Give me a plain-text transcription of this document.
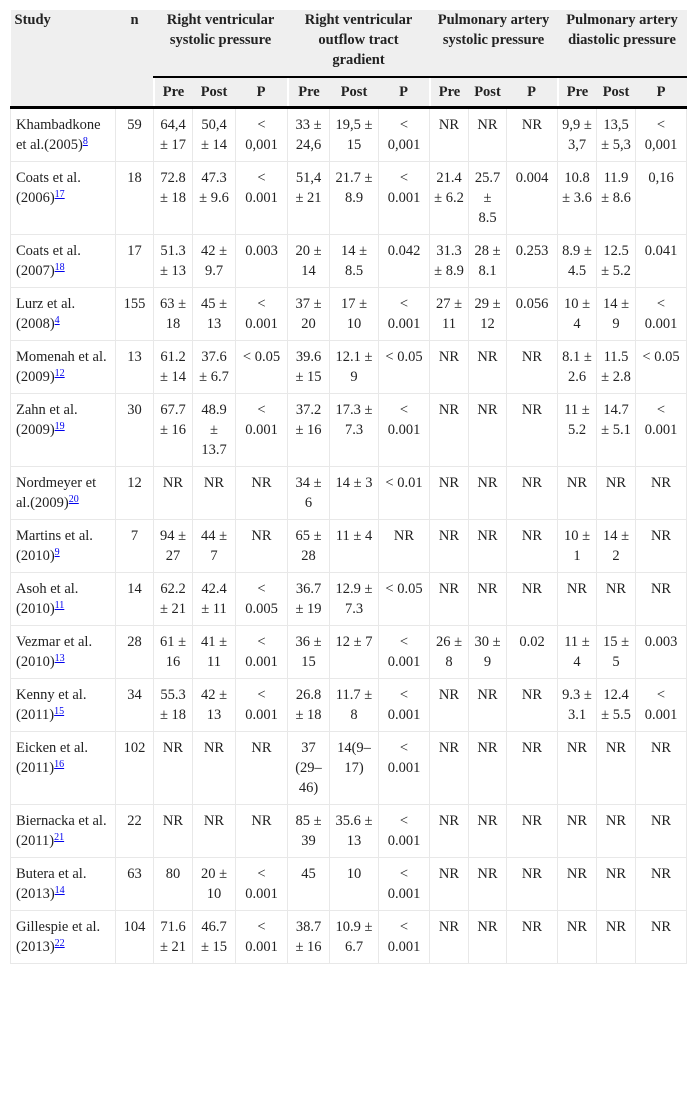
Study	n	Right ventricular systolic pressure			Right ventricular outflow tract gradient			Pulmonary artery systolic pressure			Pulmonary artery diastolic pressure		
		Pre	Post	P	Pre	Post	P	Pre	Post	P	Pre	Post	P
Khambadkone et al.(2005)$^8$	59	64,4 ± 17	50,4 ± 14	< 0,001	33 ± 24,6	19,5 ± 15	< 0,001	NR	NR	NR	9,9 ± 3,7	13,5 ± 5,3	< 0,001
Coats et al. (2006)$^{17}$	18	72.8 ± 18	47.3 ± 9.6	< 0.001	51,4 ± 21	21.7 ± 8.9	< 0.001	21.4 ± 6.2	25.7 ± 8.5	0.004	10.8 ± 3.6	11.9 ± 8.6	0,16
Coats et al. (2007)$^{18}$	17	51.3 ± 13	42 ± 9.7	0.003	20 ± 14	14 ± 8.5	0.042	31.3 ± 8.9	28 ± 8.1	0.253	8.9 ± 4.5	12.5 ± 5.2	0.041
Lurz et al. (2008)$^4$	155	63 ± 18	45 ± 13	< 0.001	37 ± 20	17 ± 10	< 0.001	27 ± 11	29 ± 12	0.056	10 ± 4	14 ± 9	< 0.001
Momenah et al.(2009)$^{12}$	13	61.2 ± 14	37.6 ± 6.7	< 0.05	39.6 ± 15	12.1 ± 9	< 0.05	NR	NR	NR	8.1 ± 2.6	11.5 ± 2.8	< 0.05
Zahn et al. (2009)$^{19}$	30	67.7 ± 16	48.9 ± 13.7	< 0.001	37.2 ± 16	17.3 ± 7.3	< 0.001	NR	NR	NR	11 ± 5.2	14.7 ± 5.1	< 0.001
Nordmeyer et al.(2009)$^{20}$	12	NR	NR	NR	34 ± 6	14 ± 3	< 0.01	NR	NR	NR	NR	NR	NR
Martins et al. (2010)$^9$	7	94 ± 27	44 ± 7	NR	65 ± 28	11 ± 4	NR	NR	NR	NR	10 ± 1	14 ± 2	NR
Asoh et al. (2010)$^{11}$	14	62.2 ± 21	42.4 ± 11	< 0.005	36.7 ± 19	12.9 ± 7.3	< 0.05	NR	NR	NR	NR	NR	NR
Vezmar et al. (2010)$^{13}$	28	61 ± 16	41 ± 11	< 0.001	36 ± 15	12 ± 7	< 0.001	26 ± 8	30 ± 9	0.02	11 ± 4	15 ± 5	0.003
Kenny et al. (2011)$^{15}$	34	55.3 ± 18	42 ± 13	< 0.001	26.8 ± 18	11.7 ± 8	< 0.001	NR	NR	NR	9.3 ± 3.1	12.4 ± 5.5	< 0.001
Eicken et al. (2011)$^{16}$	102	NR	NR	NR	37 (29–46)	14(9–17)	< 0.001	NR	NR	NR	NR	NR	NR
Biernacka et al.(2011)$^{21}$	22	NR	NR	NR	85 ± 39	35.6 ± 13	< 0.001	NR	NR	NR	NR	NR	NR
Butera et al. (2013)$^{14}$	63	80	20 ± 10	< 0.001	45	10	< 0.001	NR	NR	NR	NR	NR	NR
Gillespie et al. (2013)$^{22}$	104	71.6 ± 21	46.7 ± 15	< 0.001	38.7 ± 16	10.9 ± 6.7	< 0.001	NR	NR	NR	NR	NR	NR
